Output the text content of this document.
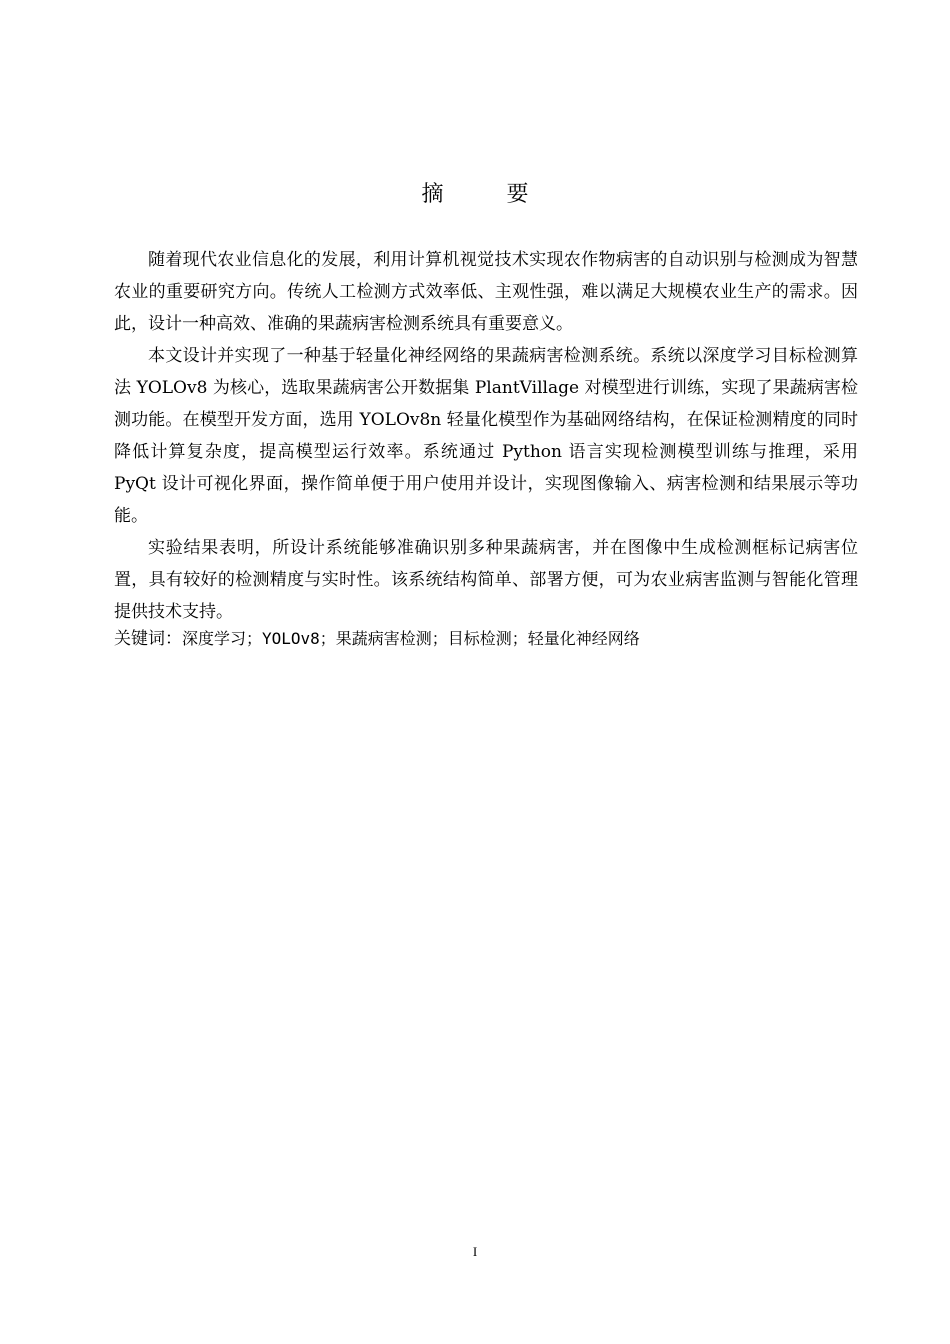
摘 要

随着现代农业信息化的发展，利用计算机视觉技术实现农作物病害的自动识别与检测成为智慧农业的重要研究方向。传统人工检测方式效率低、主观性强，难以满足大规模农业生产的需求。因此，设计一种高效、准确的果蔬病害检测系统具有重要意义。

本文设计并实现了一种基于轻量化神经网络的果蔬病害检测系统。系统以深度学习目标检测算法 YOLOv8 为核心，选取果蔬病害公开数据集 PlantVillage 对模型进行训练，实现了果蔬病害检测功能。在模型开发方面，选用 YOLOv8n 轻量化模型作为基础网络结构，在保证检测精度的同时降低计算复杂度，提高模型运行效率。系统通过 Python 语言实现检测模型训练与推理，采用 PyQt 设计可视化界面，操作简单便于用户使用并设计，实现图像输入、病害检测和结果展示等功能。

实验结果表明，所设计系统能够准确识别多种果蔬病害，并在图像中生成检测框标记病害位置，具有较好的检测精度与实时性。该系统结构简单、部署方便，可为农业病害监测与智能化管理提供技术支持。

关键词：深度学习；YOLOv8；果蔬病害检测；目标检测；轻量化神经网络

I
